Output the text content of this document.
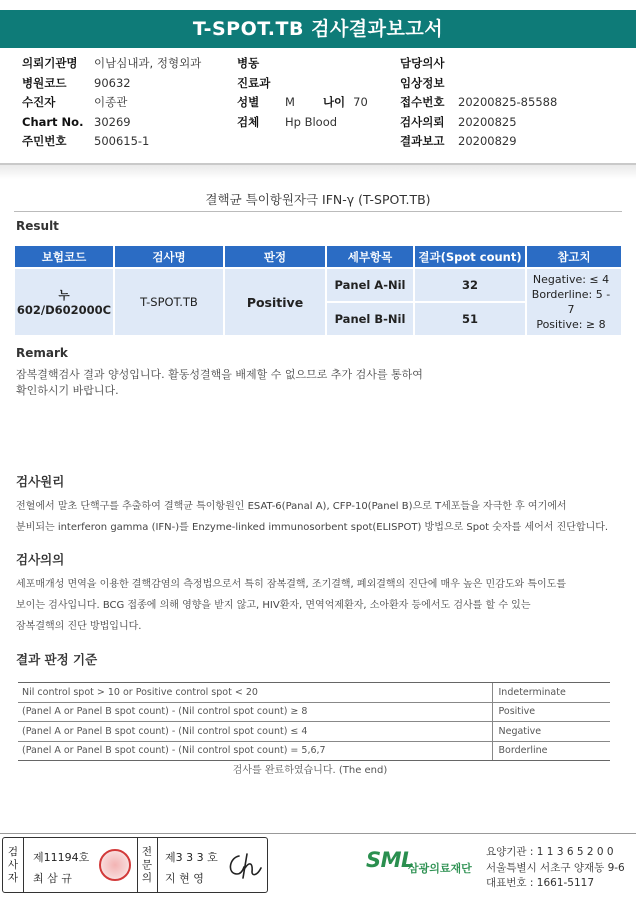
T-SPOT.TB 검사결과보고서
의뢰기관명 이남심내과, 정형외과
병원코드 90632
수진자	이종관
Chart No. 30269
주민번호 500615-1
병동
진료과
성별 M 나이 70
검체 Hp Blood
담당의사
임상정보
접수번호 20200825-85588
검사의뢰 20200825
결과보고 20200829
결핵균 특이항원자극 IFN-γ (T-SPOT.TB)
Result
보험코드	검사명	판정	세부항목	결과(Spot count)	참고치
누602/D602000C	T-SPOT.TB	Positive	Panel A-Nil	32	Negative: ≤ 4
Borderline: 5 - 7
Positive: ≥ 8

			Panel B-Nil	51	
Remark
잠복결핵검사 결과 양성입니다. 활동성결핵을 배제할 수 없으므로 추가 검사를 통하여
확인하시기 바랍니다.
검사원리
전혈에서 말초 단핵구를 추출하여 결핵균 특이항원인 ESAT-6(Panal A), CFP-10(Panel B)으로 T세포들을 자극한 후 여기에서
분비되는 interferon gamma (IFN-)를 Enzyme-linked immunosorbent spot(ELISPOT) 방법으로 Spot 숫자를 세어서 진단합니다.
검사의의
세포매개성 면역을 이용한 결핵감염의 측정법으로서 특히 잠복결핵, 조기결핵, 폐외결핵의 진단에 매우 높은 민감도와 특이도를
보이는 검사입니다. BCG 접종에 의해 영향을 받지 않고, HIV환자, 면역억제환자, 소아환자 등에서도 검사를 할 수 있는
잠복결핵의 진단 방법입니다.
결과 판정 기준
Nil control spot > 10 or Positive control spot < 20	Indeterminate
(Panel A or Panel B spot count) - (Nil control spot count) ≥ 8	Positive
(Panel A or Panel B spot count) - (Nil control spot count) ≤ 4	Negative
(Panel A or Panel B spot count) - (Nil control spot count) = 5,6,7	Borderline
검사를 완료하였습니다. (The end)
검사자
제11194호
최 삼 규
전문의
제3 3 3 호
지 현 영
SML
삼광의료재단
요양기관 : 1 1 3 6 5 2 0 0
서울특별시 서초구 양재동 9-6
대표번호 : 1661-5117
